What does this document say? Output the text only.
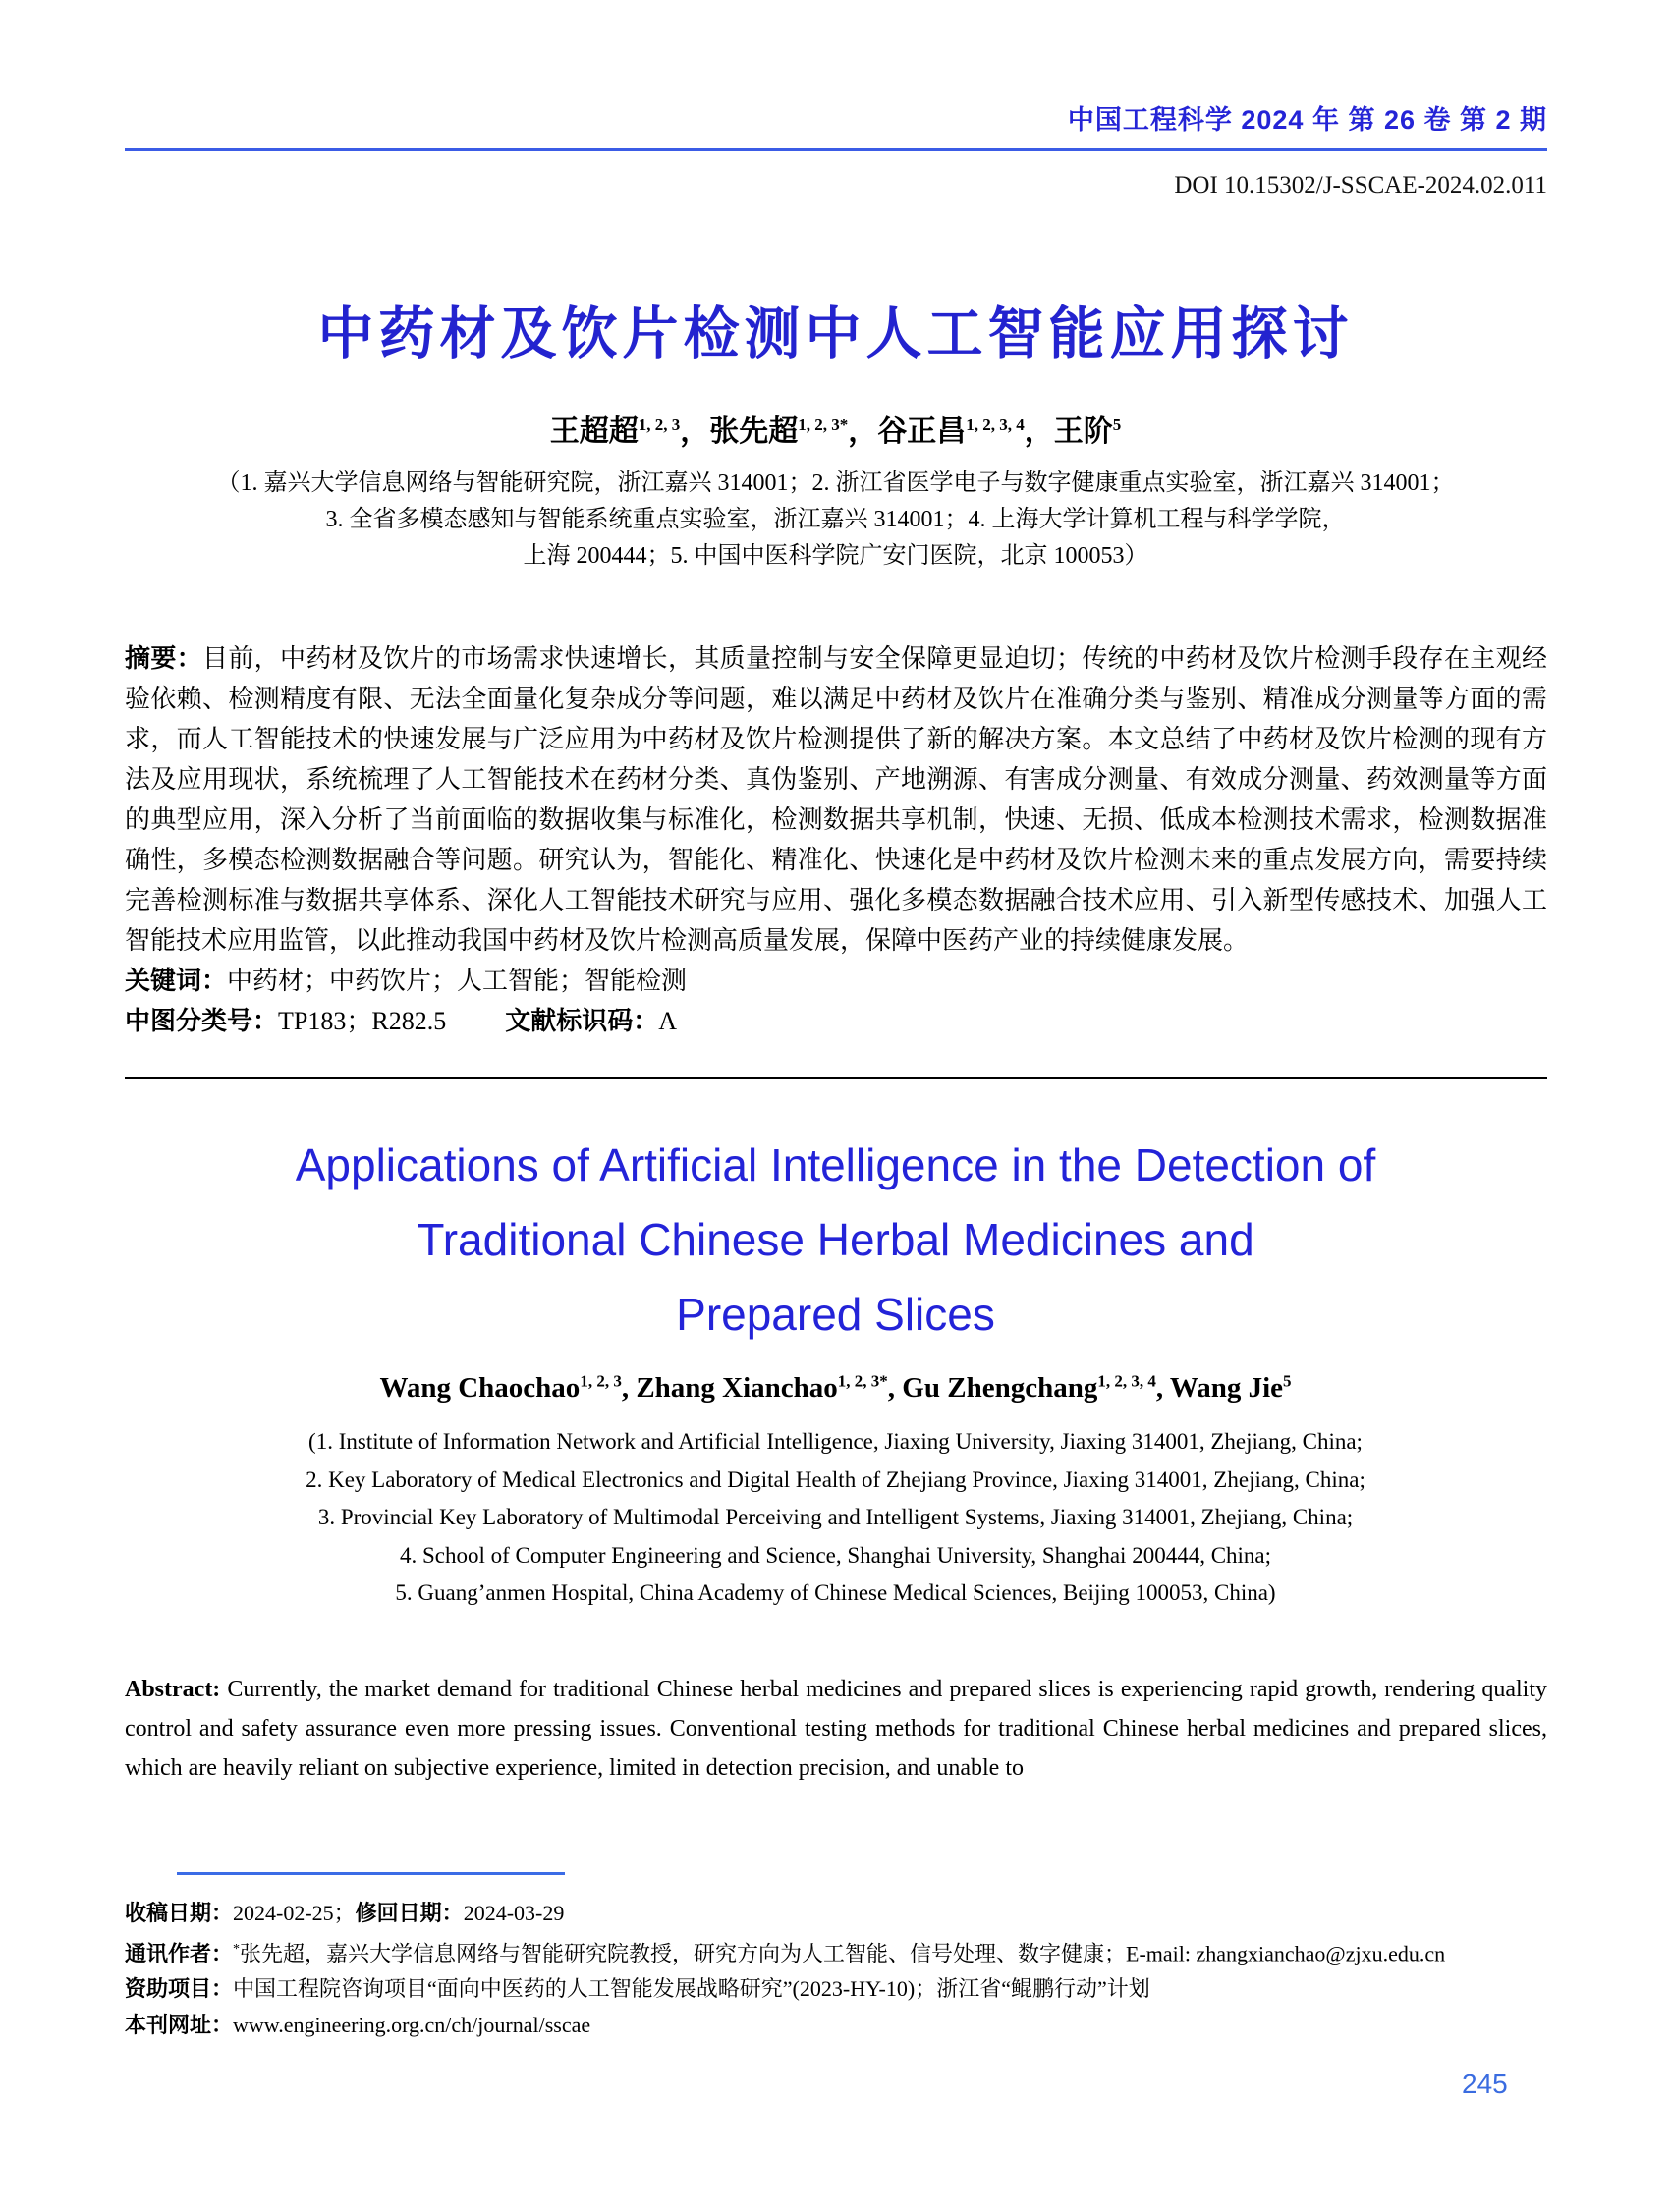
中国工程科学 2024 年 第 26 卷 第 2 期
DOI 10.15302/J-SSCAE-2024.02.011
中药材及饮片检测中人工智能应用探讨
王超超$^{1, 2, 3}$，张先超$^{1, 2, 3*}$，谷正昌$^{1, 2, 3, 4}$，王阶$^5$
（1. 嘉兴大学信息网络与智能研究院，浙江嘉兴 314001；2. 浙江省医学电子与数字健康重点实验室，浙江嘉兴 314001；
3. 全省多模态感知与智能系统重点实验室，浙江嘉兴 314001；4. 上海大学计算机工程与科学学院，
上海 200444；5. 中国中医科学院广安门医院，北京 100053）

摘要：目前，中药材及饮片的市场需求快速增长，其质量控制与安全保障更显迫切；传统的中药材及饮片检测手段存在主观经验依赖、检测精度有限、无法全面量化复杂成分等问题，难以满足中药材及饮片在准确分类与鉴别、精准成分测量等方面的需求，而人工智能技术的快速发展与广泛应用为中药材及饮片检测提供了新的解决方案。本文总结了中药材及饮片检测的现有方法及应用现状，系统梳理了人工智能技术在药材分类、真伪鉴别、产地溯源、有害成分测量、有效成分测量、药效测量等方面的典型应用，深入分析了当前面临的数据收集与标准化，检测数据共享机制，快速、无损、低成本检测技术需求，检测数据准确性，多模态检测数据融合等问题。研究认为，智能化、精准化、快速化是中药材及饮片检测未来的重点发展方向，需要持续完善检测标准与数据共享体系、深化人工智能技术研究与应用、强化多模态数据融合技术应用、引入新型传感技术、加强人工智能技术应用监管，以此推动我国中药材及饮片检测高质量发展，保障中医药产业的持续健康发展。

关键词：中药材；中药饮片；人工智能；智能检测

中图分类号：TP183；R282.5 文献标识码：A

Applications of Artificial Intelligence in the Detection of
Traditional Chinese Herbal Medicines and
Prepared Slices
Wang Chaochao$^{1, 2, 3}$, Zhang Xianchao$^{1, 2, 3*}$, Gu Zhengchang$^{1, 2, 3, 4}$, Wang Jie$^5$
(1. Institute of Information Network and Artificial Intelligence, Jiaxing University, Jiaxing 314001, Zhejiang, China;
2. Key Laboratory of Medical Electronics and Digital Health of Zhejiang Province, Jiaxing 314001, Zhejiang, China;
3. Provincial Key Laboratory of Multimodal Perceiving and Intelligent Systems, Jiaxing 314001, Zhejiang, China;
4. School of Computer Engineering and Science, Shanghai University, Shanghai 200444, China;
5. Guang’anmen Hospital, China Academy of Chinese Medical Sciences, Beijing 100053, China)

Abstract: Currently, the market demand for traditional Chinese herbal medicines and prepared slices is experiencing rapid growth, rendering quality control and safety assurance even more pressing issues. Conventional testing methods for traditional Chinese herbal medicines and prepared slices, which are heavily reliant on subjective experience, limited in detection precision, and unable to

收稿日期：2024-02-25；修回日期：2024-03-29

通讯作者：*张先超，嘉兴大学信息网络与智能研究院教授，研究方向为人工智能、信号处理、数字健康；E-mail: zhangxianchao@zjxu.edu.cn

资助项目：中国工程院咨询项目“面向中医药的人工智能发展战略研究”(2023-HY-10)；浙江省“鲲鹏行动”计划

本刊网址：www.engineering.org.cn/ch/journal/sscae

245
